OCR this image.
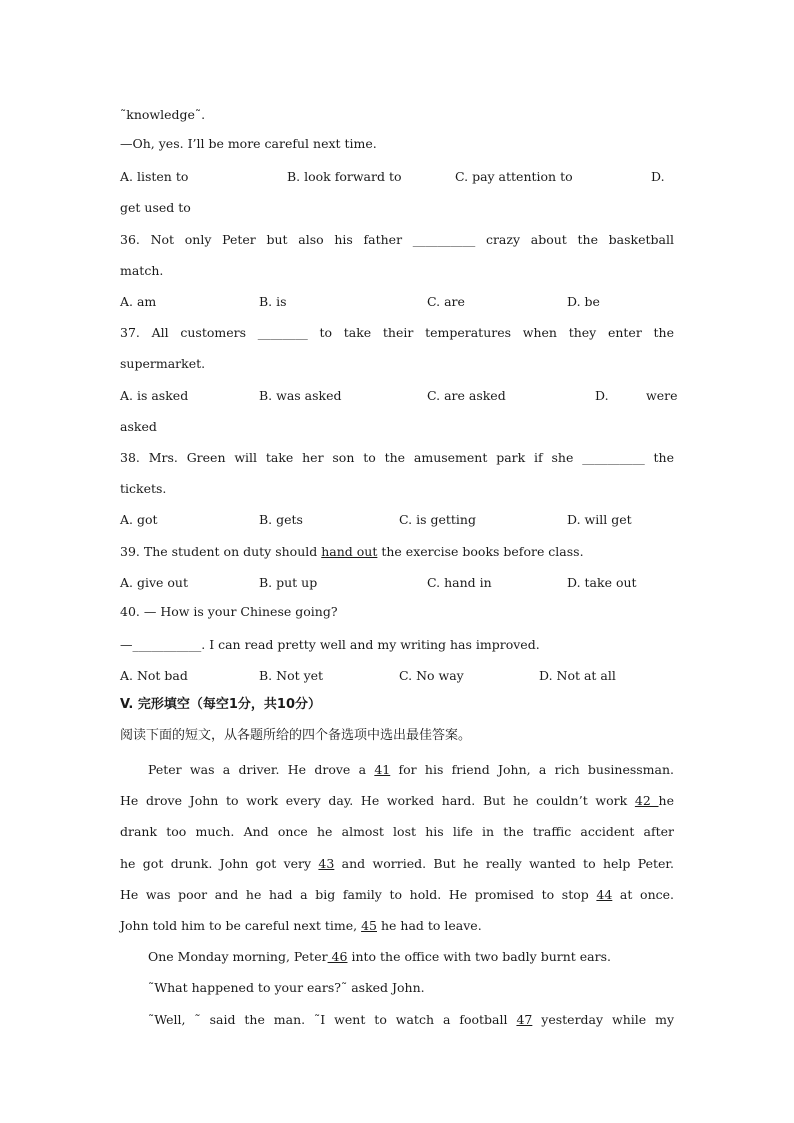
˜knowledge˜.
—Oh, yes. I’ll be more careful next time.
A. listen to	B. look forward to	C. pay attention to	D.
get used to
36. Not only Peter but also his father __________ crazy about the basketball
match.
A. am	B. is	C. are	D. be
37. All customers ________ to take their temperatures when they enter the
supermarket.
A. is asked	B. was asked	C. are asked	D.	were
asked
38. Mrs. Green will take her son to the amusement park if she __________ the
tickets.
A. got	B. gets	C. is getting	D. will get
39. The student on duty should hand out the exercise books before class.
A. give out	B. put up	C. hand in	D. take out
40. — How is your Chinese going?
—___________. I can read pretty well and my writing has improved.
A. Not bad	B. Not yet	C. No way	D. Not at all
V. 完形填空（每空1分，共10分）
阅读下面的短文，从各题所给的四个备选项中选出最佳答案。
Peter was a driver. He drove a 41 for his friend John, a rich businessman.
He drove John to work every day. He worked hard. But he couldn’t work 42 he
drank too much. And once he almost lost his life in the traffic accident after
he got drunk. John got very 43 and worried. But he really wanted to help Peter.
He was poor and he had a big family to hold. He promised to stop 44 at once.
John told him to be careful next time, 45 he had to leave.
One Monday morning, Peter 46 into the office with two badly burnt ears.
˜What happened to your ears?˜ asked John.
˜Well, ˜ said the man. ˜I went to watch a football 47 yesterday while my
